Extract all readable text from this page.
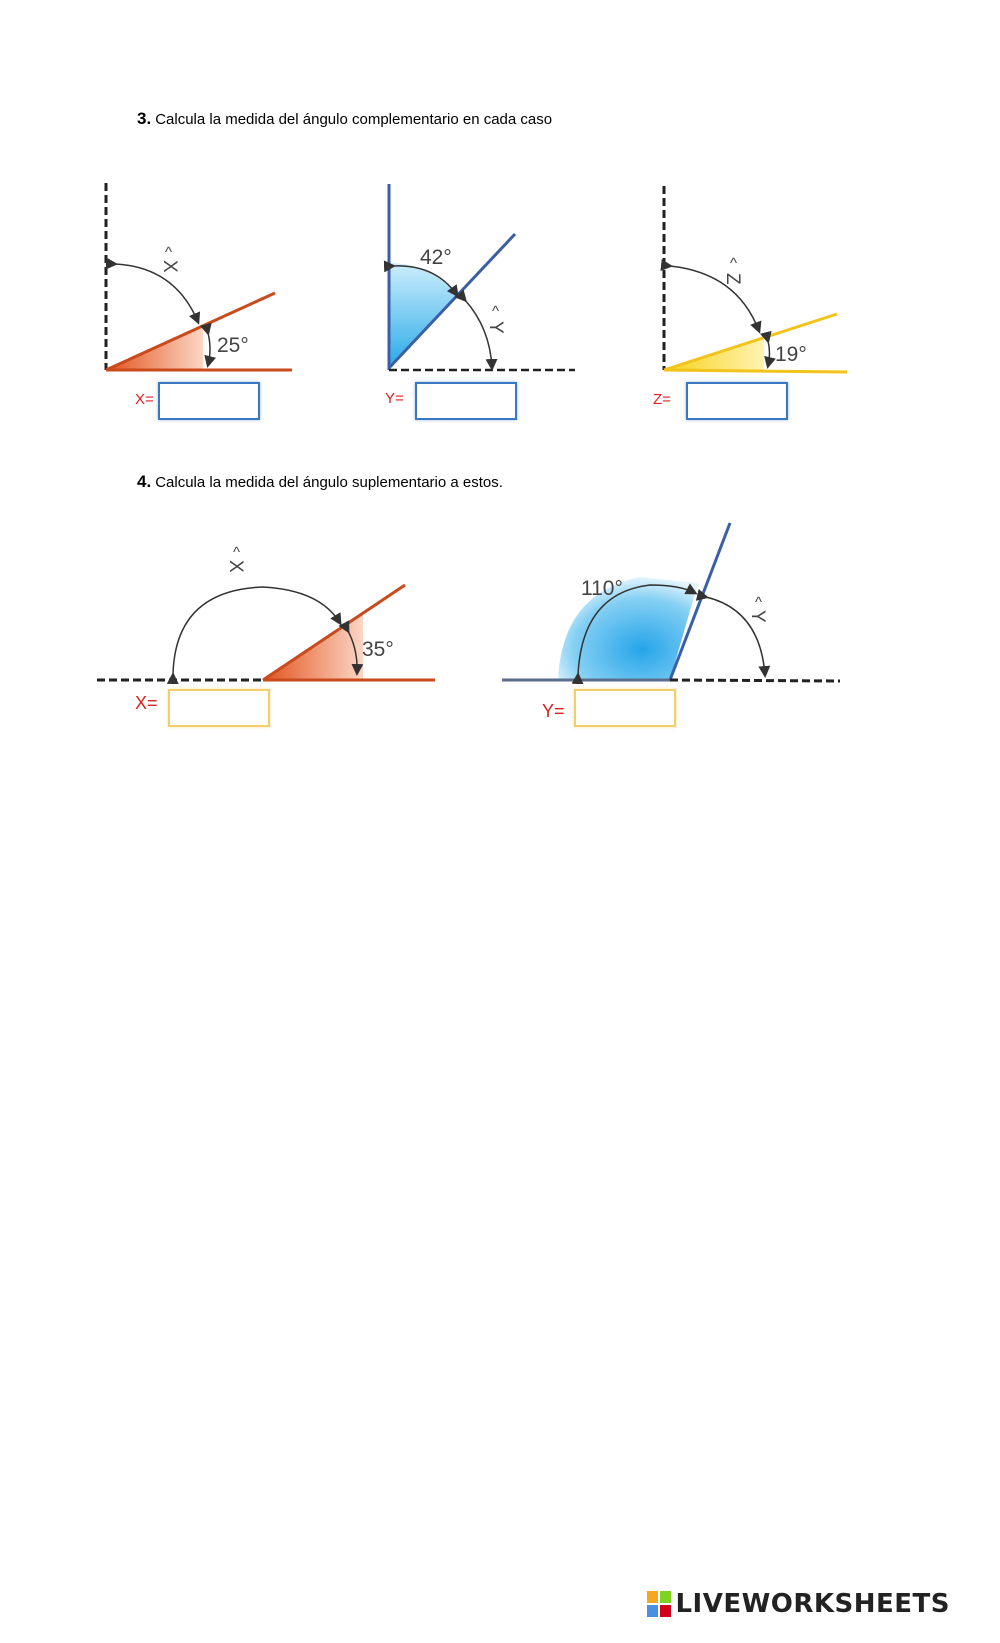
3. Calcula la medida del ángulo complementario en cada caso
25°
X
^
X=
42°
Y
^
Y=
19°
Z
^
Z=
4. Calcula la medida del ángulo suplementario a estos.
35°
X
^
X=
110°
Y
^
Y=
LIVEWORKSHEETS
